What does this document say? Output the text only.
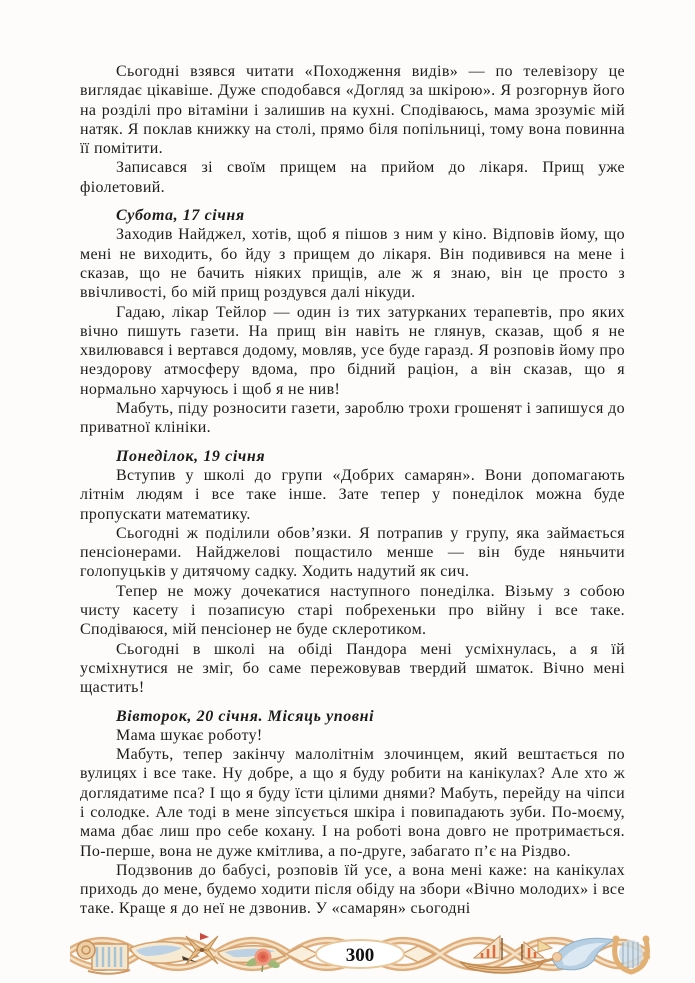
Сьогодні взявся читати «Походження видів» — по телевізору це виглядає цікавіше. Дуже сподобався «Догляд за шкірою». Я розгорнув його на розділі про вітаміни і залишив на кухні. Сподіваюсь, мама зрозуміє мій натяк. Я поклав книжку на столі, прямо біля попільниці, тому вона повинна її помітити.

Записався зі своїм прищем на прийом до лікаря. Прищ уже фіолетовий.

Субота, 17 січня

Заходив Найджел, хотів, щоб я пішов з ним у кіно. Відповів йому, що мені не виходить, бо йду з прищем до лікаря. Він подивився на мене і сказав, що не бачить ніяких прищів, але ж я знаю, він це просто з ввічливості, бо мій прищ роздувся далі нікуди.

Гадаю, лікар Тейлор — один із тих затурканих терапевтів, про яких вічно пишуть газети. На прищ він навіть не глянув, сказав, щоб я не хвилювався і вертався додому, мовляв, усе буде гаразд. Я розповів йому про нездорову атмосферу вдома, про бідний раціон, а він сказав, що я нормально харчуюсь і щоб я не нив!

Мабуть, піду розносити газети, зароблю трохи грошенят і запишуся до приватної клініки.

Понеділок, 19 січня

Вступив у школі до групи «Добрих самарян». Вони допомагають літнім людям і все таке інше. Зате тепер у понеділок можна буде пропускати математику.

Сьогодні ж поділили обов’язки. Я потрапив у групу, яка займається пенсіонерами. Найджелові пощастило менше — він буде няньчити голопуцьків у дитячому садку. Ходить надутий як сич.

Тепер не можу дочекатися наступного понеділка. Візьму з собою чисту касету і позаписую старі побрехеньки про війну і все таке. Сподіваюся, мій пенсіонер не буде склеротиком.

Сьогодні в школі на обіді Пандора мені усміхнулась, а я їй усміхнутися не зміг, бо саме пережовував твердий шматок. Вічно мені щастить!

Вівторок, 20 січня. Місяць уповні

Мама шукає роботу!

Мабуть, тепер закінчу малолітнім злочинцем, який вештається по вулицях і все таке. Ну добре, а що я буду робити на канікулах? Але хто ж доглядатиме пса? І що я буду їсти цілими днями? Мабуть, перейду на чіпси і солодке. Але тоді в мене зіпсується шкіра і повипадають зуби. По-моєму, мама дбає лиш про себе кохану. І на роботі вона довго не протримається. По-перше, вона не дуже кмітлива, а по-друге, забагато п’є на Різдво.

Подзвонив до бабусі, розповів їй усе, а вона мені каже: на канікулах приходь до мене, будемо ходити після обіду на збори «Вічно молодих» і все таке. Краще я до неї не дзвонив. У «самарян» сьогодні

300
